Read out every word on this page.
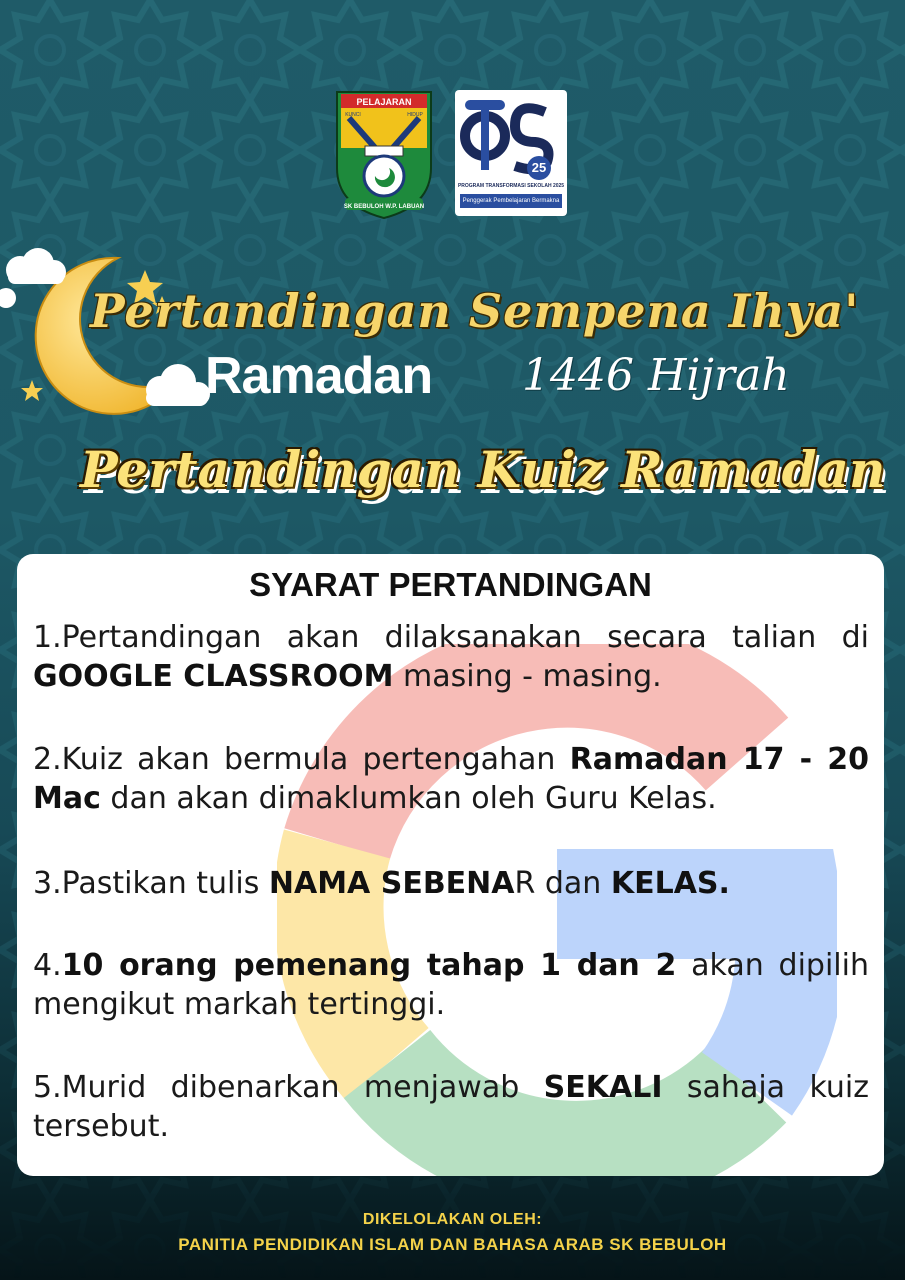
PELAJARAN
KUNCI	HIDUP
SK BEBULOH W.P. LABUAN
25
PROGRAM TRANSFORMASI SEKOLAH 2025
Penggerak Pembelajaran Bermakna
Pertandingan Sempena Ihya'
Ramadan 1446 Hijrah
Pertandingan Kuiz Ramadan
SYARAT PERTANDINGAN
1.Pertandingan akan dilaksanakan secara talian di GOOGLE CLASSROOM masing - masing.
2.Kuiz akan bermula pertengahan Ramadan 17 - 20 Mac dan akan dimaklumkan oleh Guru Kelas.
3.Pastikan tulis NAMA SEBENAR dan KELAS.
4.10 orang pemenang tahap 1 dan 2 akan dipilih mengikut markah tertinggi.
5.Murid dibenarkan menjawab SEKALI sahaja kuiz tersebut.
DIKELOLAKAN OLEH:
PANITIA PENDIDIKAN ISLAM DAN BAHASA ARAB SK BEBULOH
